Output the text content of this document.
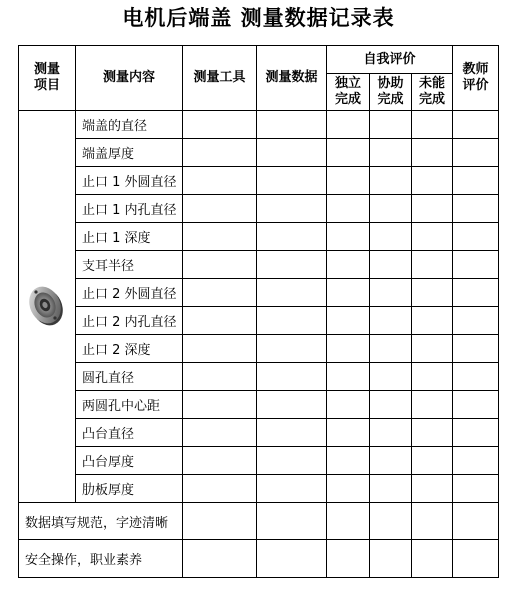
电机后端盖 测量数据记录表
测量项目	测量内容	测量工具	测量数据	自我评价			教师评价
				独立完成	协助完成	未能完成	
	端盖的直径						
	端盖厚度						
	止口 1 外圆直径						
	止口 1 内孔直径						
	止口 1 深度						
	支耳半径						
	止口 2 外圆直径						
	止口 2 内孔直径						
	止口 2 深度						
	圆孔直径						
	两圆孔中心距						
	凸台直径						
	凸台厚度						
	肋板厚度						
数据填写规范，字迹清晰							
安全操作，职业素养							
